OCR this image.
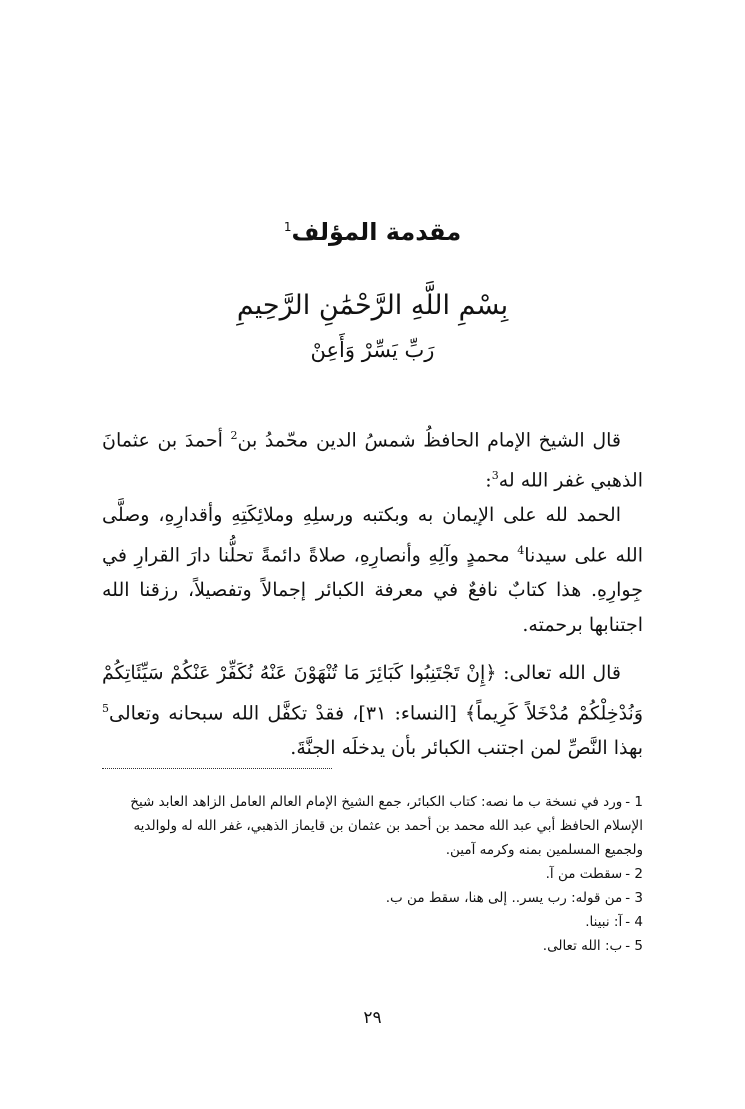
مقدمة المؤلف$^1$
بِسْمِ اللَّهِ الرَّحْمَٰنِ الرَّحِيمِ
رَبِّ يَسِّرْ وَأَعِنْ
قال الشيخ الإمام الحافظُ شمسُ الدين محّمدُ بن$^2$ أحمدَ بن عثمانَ الذهبي غفر الله له$^3$:
الحمد لله على الإيمان به وبكتبه ورسلِهِ وملائِكَتِهِ وأقدارِهِ، وصلَّى الله على سيدنا$^4$ محمدٍ وآلِهِ وأنصارِهِ، صلاةً دائمةً تحلُّنا دارَ القرارِ في جِوارِهِ. هذا كتابٌ نافعٌ في معرفة الكبائر إجمالاً وتفصيلاً، رزقنا الله اجتنابها برحمته.
قال الله تعالى: ﴿إِنْ تَجْتَنِبُوا كَبَائِرَ مَا تُنْهَوْنَ عَنْهُ نُكَفِّرْ عَنْكُمْ سَيِّئَاتِكُمْ وَنُدْخِلْكُمْ مُدْخَلاً كَرِيماً﴾ [النساء: ٣١]، فقدْ تكفَّل الله سبحانه وتعالى$^5$ بهذا النَّصِّ لمن اجتنب الكبائر بأن يدخلَه الجنَّةَ.
1 -ورد في نسخة ب ما نصه: كتاب الكبائر، جمع الشيخ الإمام العالم العامل الزاهد العابد شيخ الإسلام الحافظ أبي عبد الله محمد بن أحمد بن عثمان بن قايماز الذهبي، غفر الله له ولوالديه ولجميع المسلمين بمنه وكرمه آمين.
2 -سقطت من آ.
3 -من قوله: رب يسر.. إلى هنا، سقط من ب.
4 -آ: نبينا.
5 -ب: الله تعالى.
٢٩
